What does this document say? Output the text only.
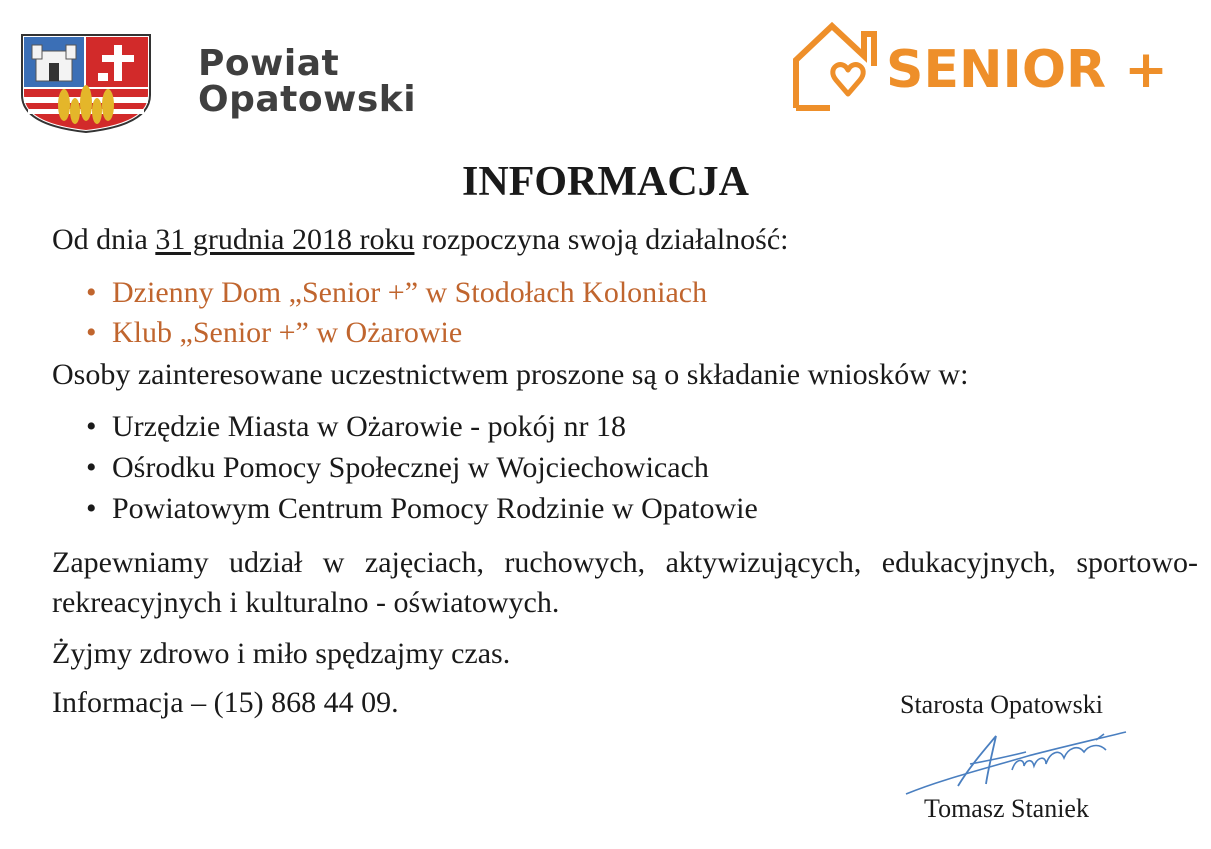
Powiat
Opatowski	SENIOR +
INFORMACJA
Od dnia 31 grudnia 2018 roku rozpoczyna swoją działalność:
• Dzienny Dom „Senior +” w Stodołach Koloniach
• Klub „Senior +” w Ożarowie
Osoby zainteresowane uczestnictwem proszone są o składanie wniosków w:
• Urzędzie Miasta w Ożarowie - pokój nr 18
• Ośrodku Pomocy Społecznej w Wojciechowicach
• Powiatowym Centrum Pomocy Rodzinie w Opatowie
Zapewniamy udział w zajęciach, ruchowych, aktywizujących, edukacyjnych, sportowo-rekreacyjnych i kulturalno - oświatowych.
Żyjmy zdrowo i miło spędzajmy czas.
Informacja – (15) 868 44 09.	Starosta Opatowski
Tomasz Staniek
